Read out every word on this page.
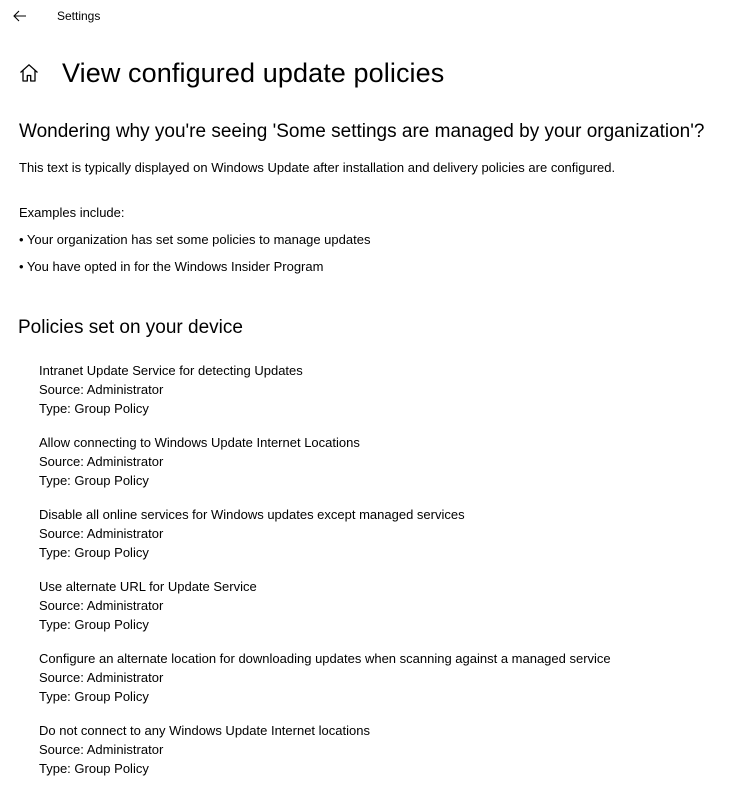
Settings
View configured update policies
Wondering why you're seeing 'Some settings are managed by your organization'?
This text is typically displayed on Windows Update after installation and delivery policies are configured.
Examples include:
• Your organization has set some policies to manage updates
• You have opted in for the Windows Insider Program
Policies set on your device
Intranet Update Service for detecting Updates
Source: Administrator
Type: Group Policy
Allow connecting to Windows Update Internet Locations
Source: Administrator
Type: Group Policy
Disable all online services for Windows updates except managed services
Source: Administrator
Type: Group Policy
Use alternate URL for Update Service
Source: Administrator
Type: Group Policy
Configure an alternate location for downloading updates when scanning against a managed service
Source: Administrator
Type: Group Policy
Do not connect to any Windows Update Internet locations
Source: Administrator
Type: Group Policy
